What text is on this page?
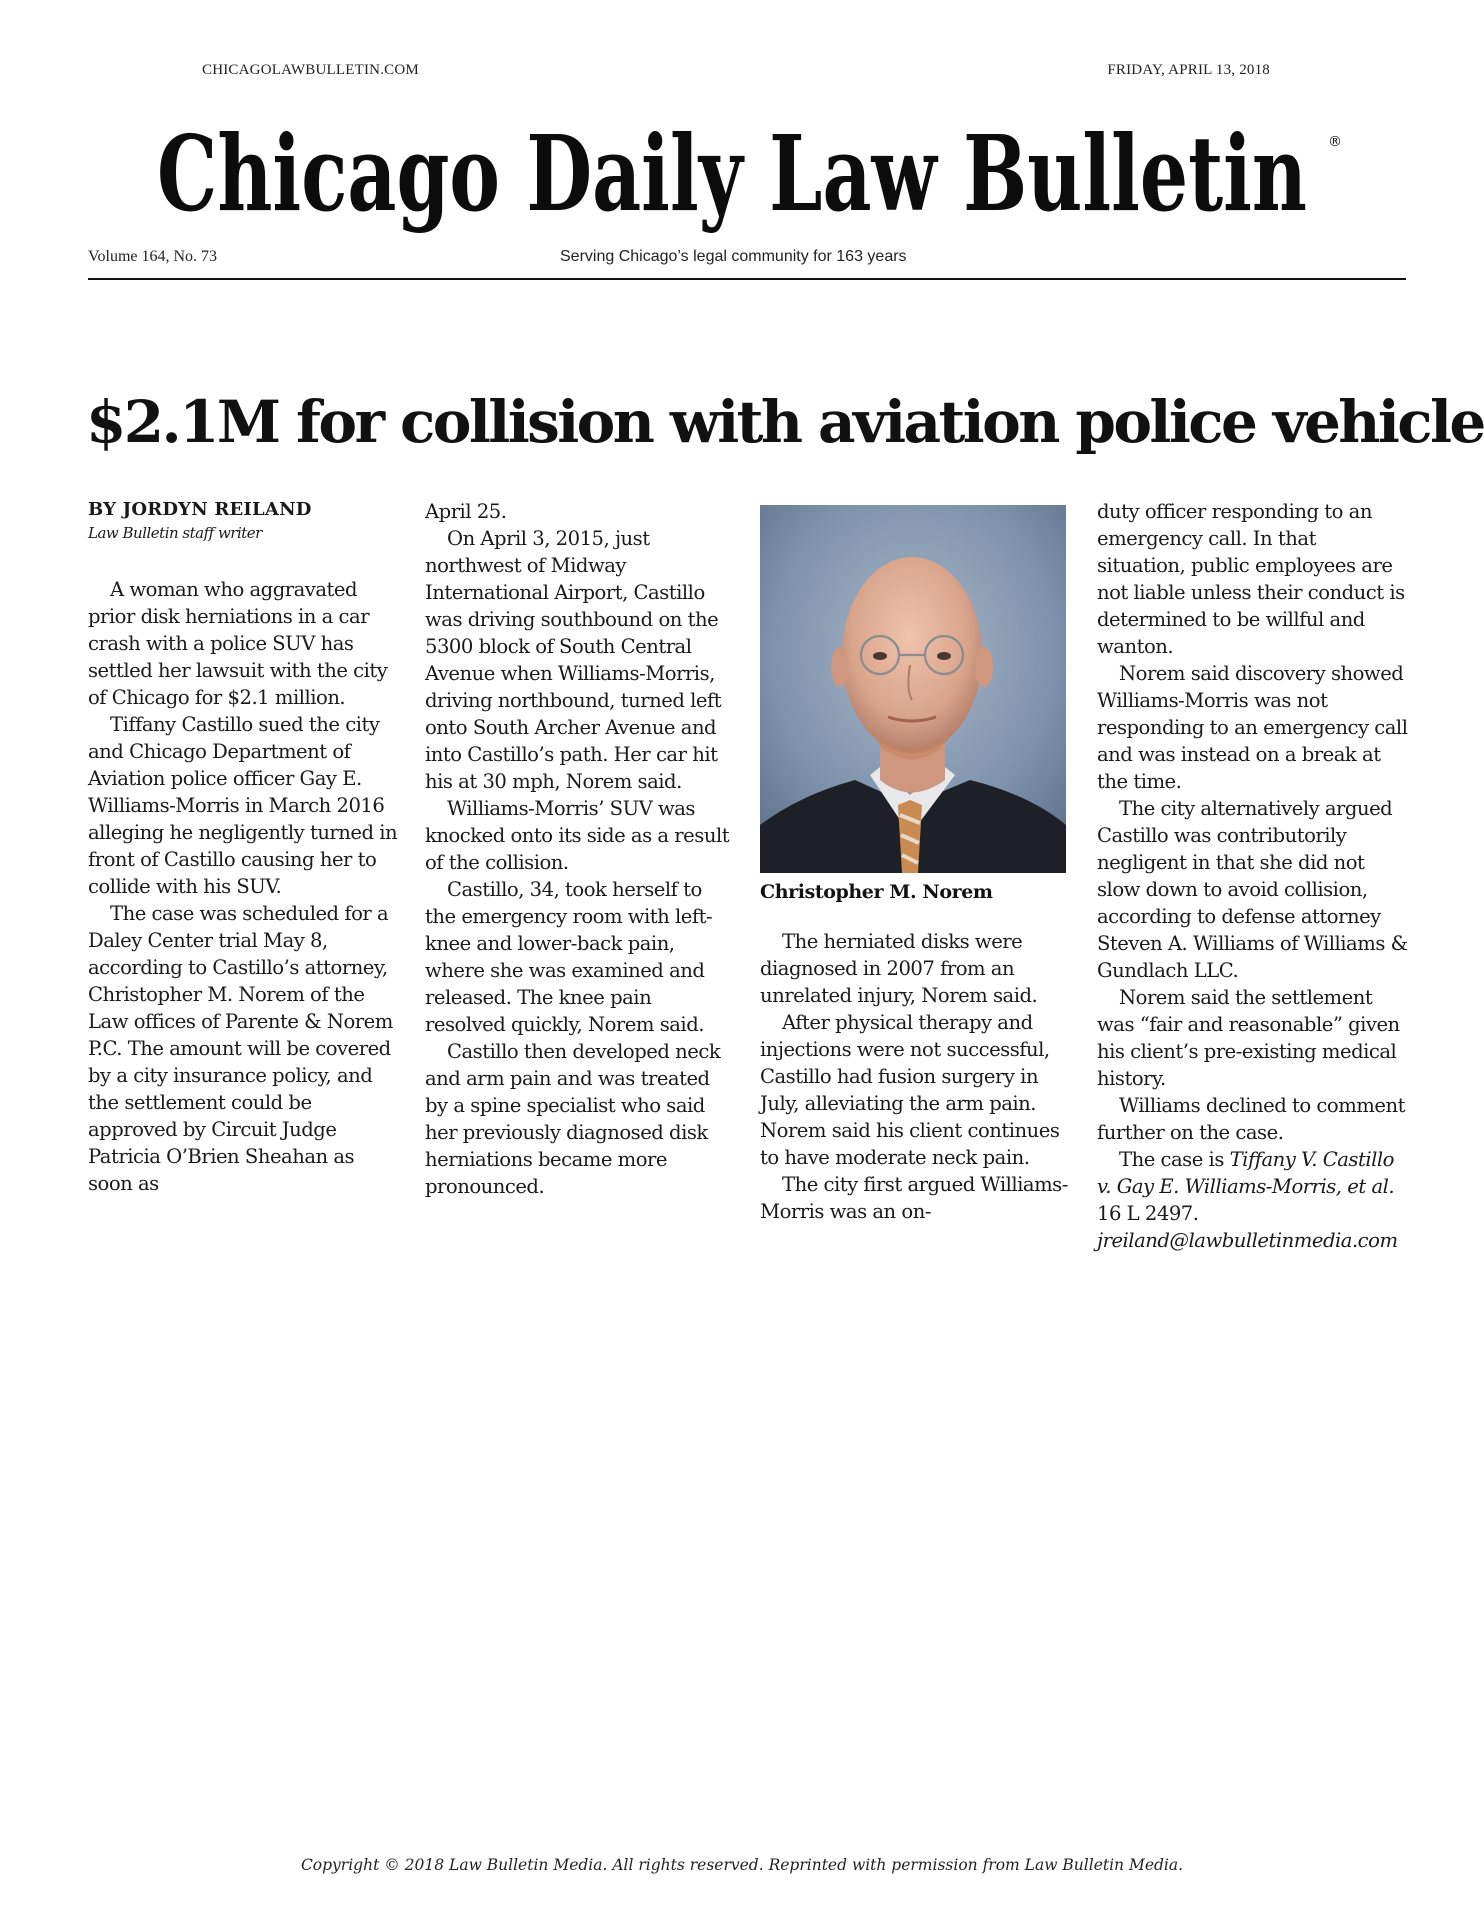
CHICAGOLAWBULLETIN.COM	FRIDAY, APRIL 13, 2018
Chicago Daily Law Bulletin ®
Volume 164, No. 73	Serving Chicago’s legal community for 163 years
$2.1M for collision with aviation police vehicle

BY JORDYN REILAND

Law Bulletin staff writer

A woman who aggravated prior disk herniations in a car crash with a police SUV has settled her lawsuit with the city of Chicago for $2.1 million.

Tiffany Castillo sued the city and Chicago Department of Aviation police officer Gay E. Williams-Morris in March 2016 alleging he negligently turned in front of Castillo causing her to collide with his SUV.

The case was scheduled for a Daley Center trial May 8, according to Castillo’s attorney, Christopher M. Norem of the Law offices of Parente & Norem P.C. The amount will be covered by a city insurance policy, and the settlement could be approved by Circuit Judge Patricia O’Brien Sheahan as soon as

April 25.

On April 3, 2015, just northwest of Midway International Airport, Castillo was driving southbound on the 5300 block of South Central Avenue when Williams-Morris, driving northbound, turned left onto South Archer Avenue and into Castillo’s path. Her car hit his at 30 mph, Norem said.

Williams-Morris’ SUV was knocked onto its side as a result of the collision.

Castillo, 34, took herself to the emergency room with left-knee and lower-back pain, where she was examined and released. The knee pain resolved quickly, Norem said.

Castillo then developed neck and arm pain and was treated by a spine specialist who said her previously diagnosed disk herniations became more pronounced.

Christopher M. Norem

The herniated disks were diagnosed in 2007 from an unrelated injury, Norem said.

After physical therapy and injections were not successful, Castillo had fusion surgery in July, alleviating the arm pain. Norem said his client continues to have moderate neck pain.

The city first argued Williams-Morris was an on-

duty officer responding to an emergency call. In that situation, public employees are not liable unless their conduct is determined to be willful and wanton.

Norem said discovery showed Williams-Morris was not responding to an emergency call and was instead on a break at the time.

The city alternatively argued Castillo was contributorily negligent in that she did not slow down to avoid collision, according to defense attorney Steven A. Williams of Williams & Gundlach LLC.

Norem said the settlement was “fair and reasonable” given his client’s pre-existing medical history.

Williams declined to comment further on the case.

The case is Tiffany V. Castillo v. Gay E. Williams-Morris, et al. 16 L 2497.

jreiland@lawbulletinmedia.com

Copyright © 2018 Law Bulletin Media. All rights reserved. Reprinted with permission from Law Bulletin Media.
